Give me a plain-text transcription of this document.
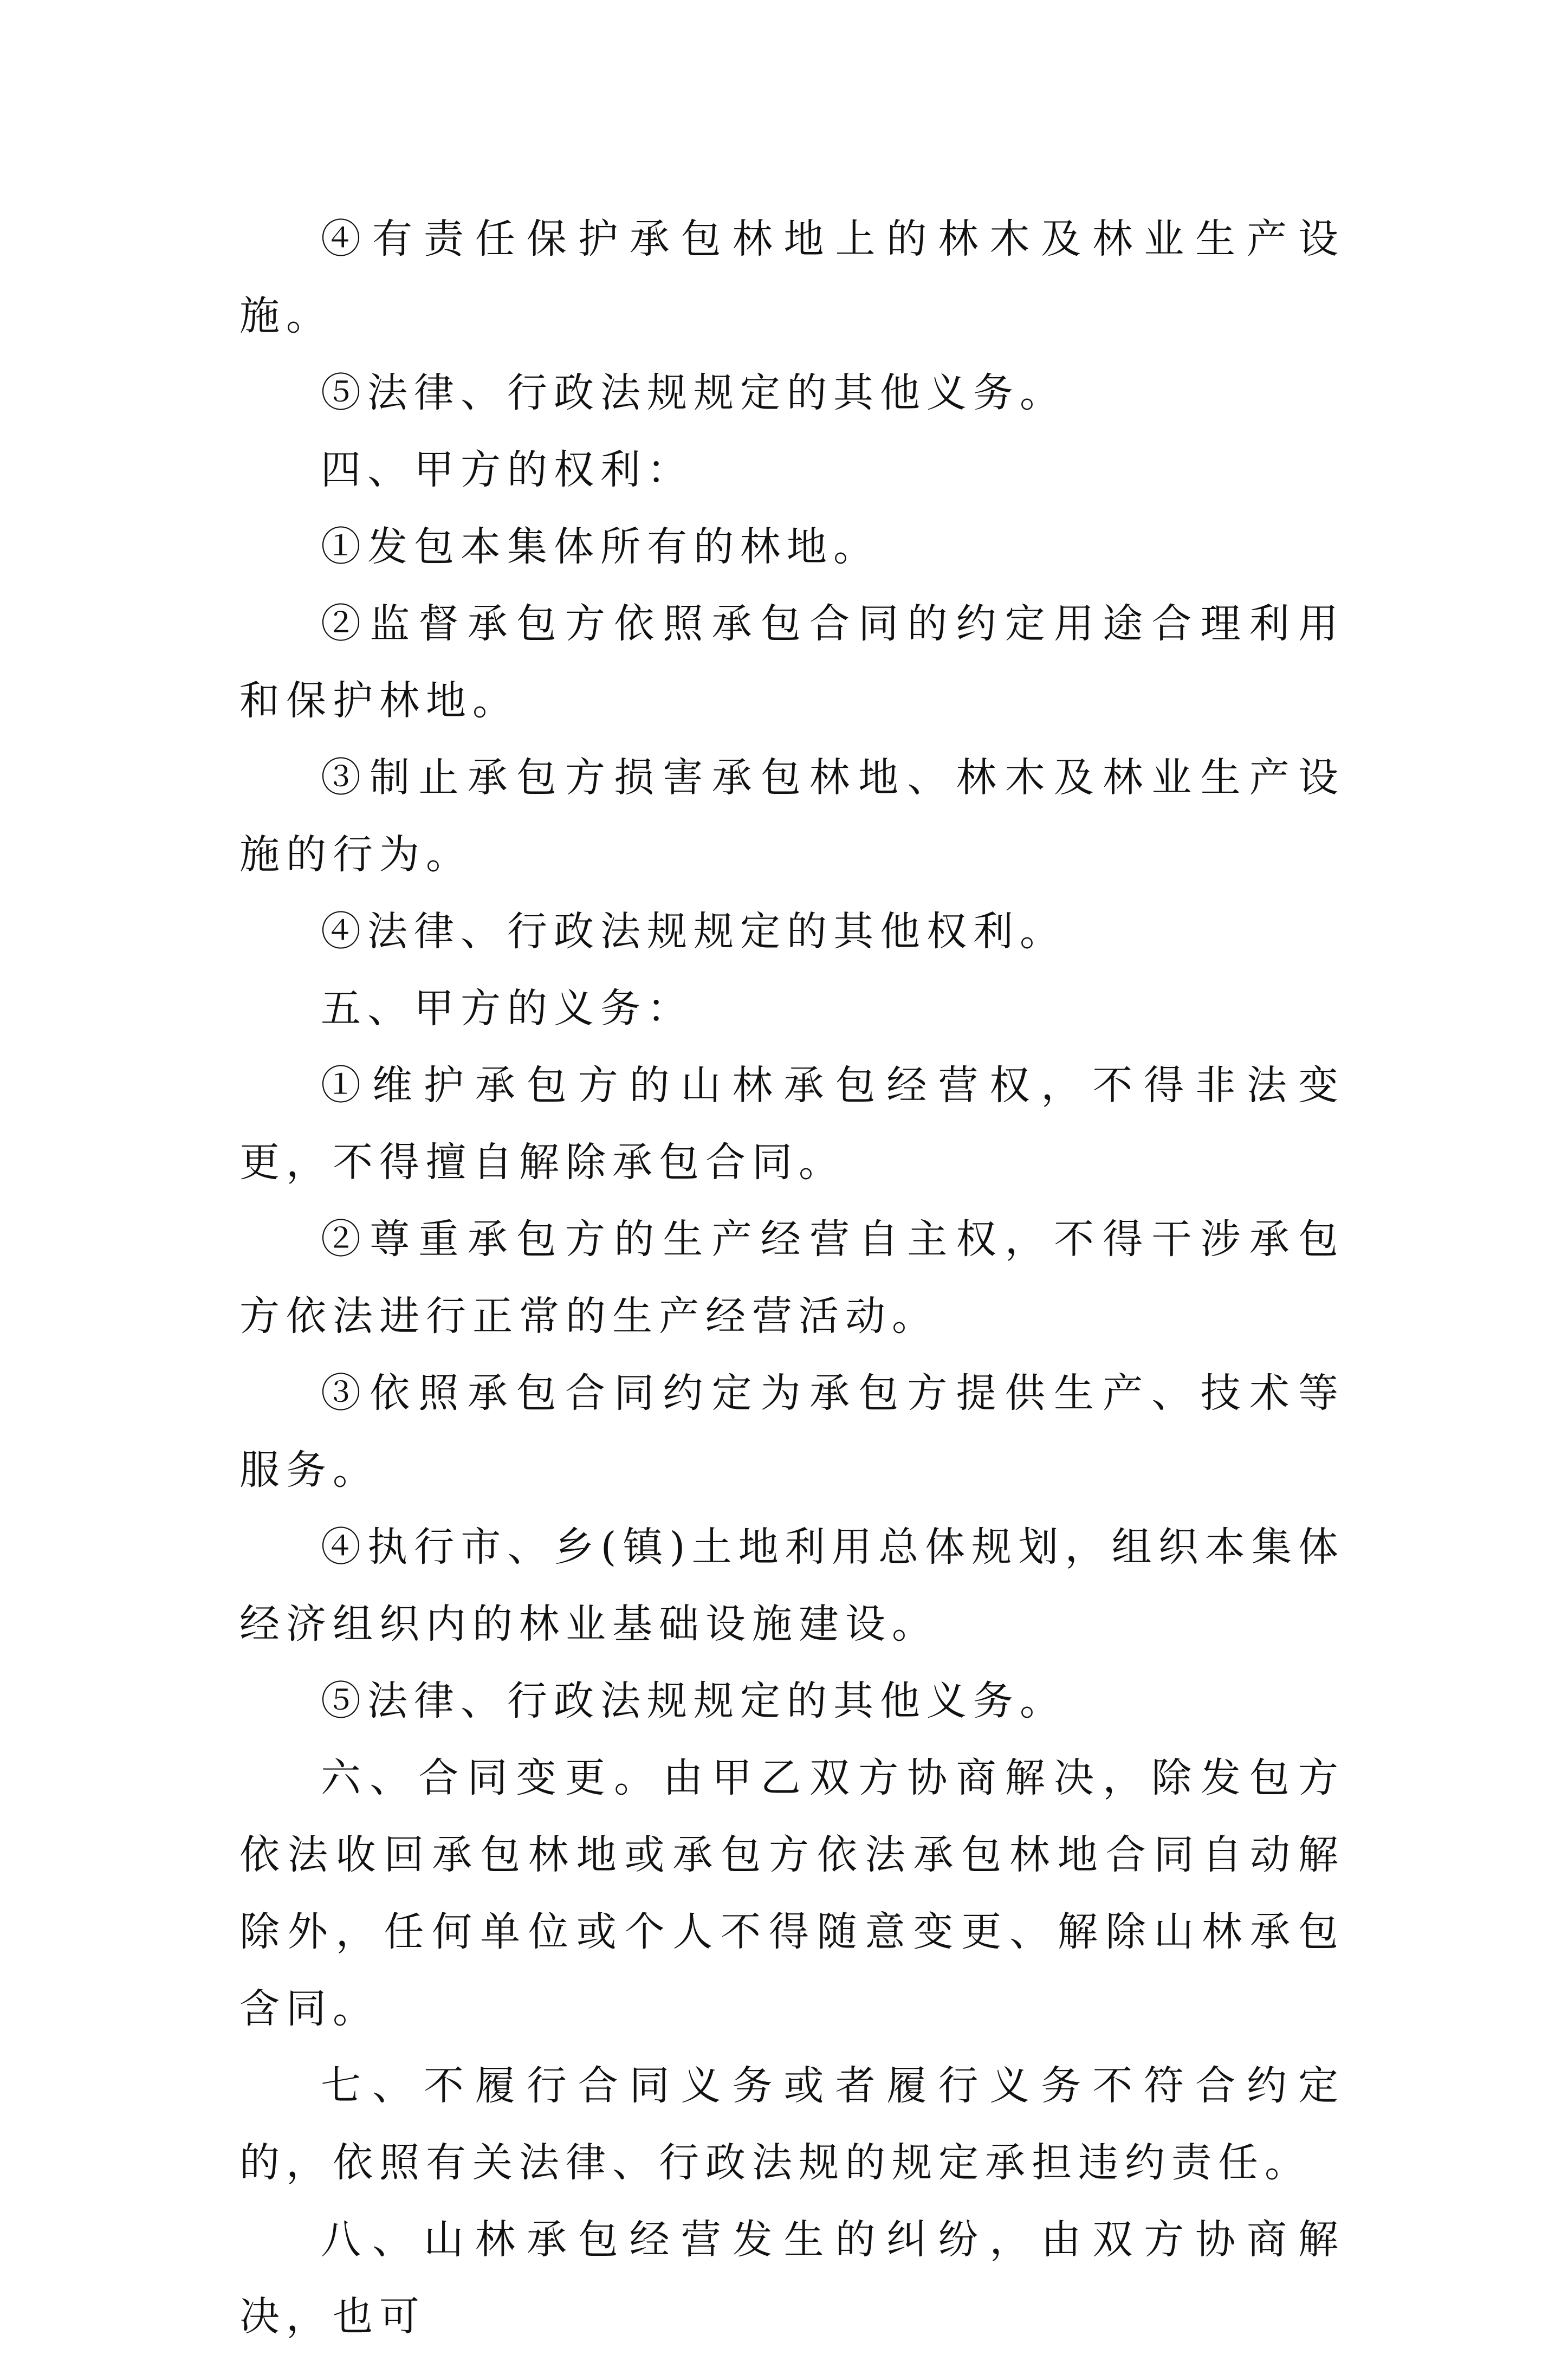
④有责任保护承包林地上的林木及林业生产设施。

⑤法律、行政法规规定的其他义务。

四、甲方的权利：

①发包本集体所有的林地。

②监督承包方依照承包合同的约定用途合理利用和保护林地。

③制止承包方损害承包林地、林木及林业生产设施的行为。

④法律、行政法规规定的其他权利。

五、甲方的义务：

①维护承包方的山林承包经营权，不得非法变更，不得擅自解除承包合同。

②尊重承包方的生产经营自主权，不得干涉承包方依法进行正常的生产经营活动。

③依照承包合同约定为承包方提供生产、技术等服务。

④执行市、乡(镇)土地利用总体规划，组织本集体经济组织内的林业基础设施建设。

⑤法律、行政法规规定的其他义务。

六、合同变更。由甲乙双方协商解决，除发包方依法收回承包林地或承包方依法承包林地合同自动解除外，任何单位或个人不得随意变更、解除山林承包含同。

七、不履行合同义务或者履行义务不符合约定的，依照有关法律、行政法规的规定承担违约责任。

八、山林承包经营发生的纠纷，由双方协商解决，也可
